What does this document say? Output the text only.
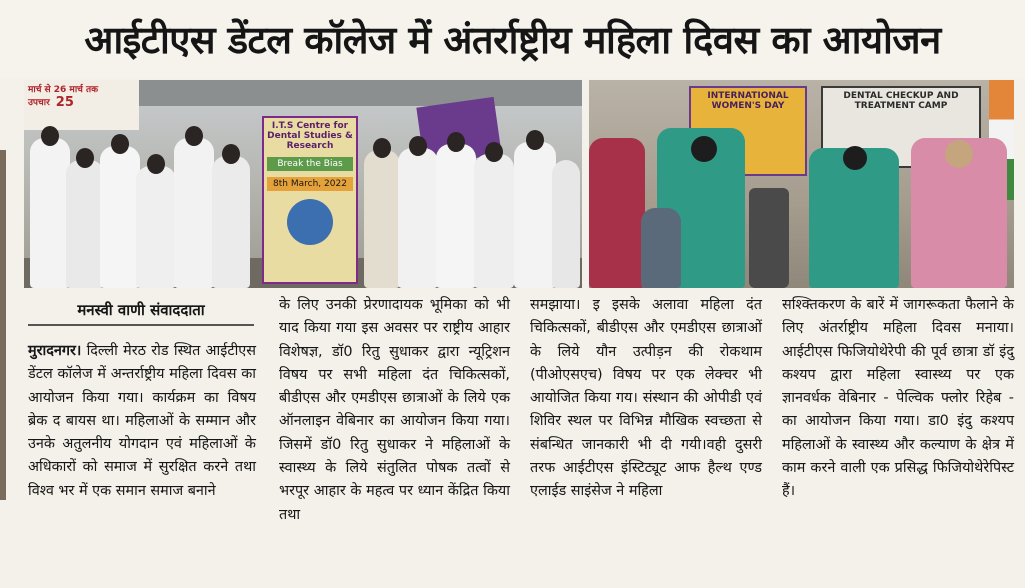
आईटीएस डेंटल कॉलेज में अंतर्राष्ट्रीय महिला दिवस का आयोजन
मार्च से 26 मार्च तक
उपचार 25
I.T.S Centre for Dental Studies & Research
Break the Bias
8th March, 2022
INTERNATIONAL WOMEN'S DAY
DENTAL CHECKUP AND TREATMENT CAMP
मनस्वी वाणी संवाददाता
मुरादनगर। दिल्ली मेरठ रोड स्थित आईटीएस डेंटल कॉलेज में अन्तर्राष्ट्रीय महिला दिवस का आयोजन किया गया। कार्यक्रम का विषय ब्रेक द बायस था। महिलाओं के सम्मान और उनके अतुलनीय योगदान एवं महिलाओं के अधिकारों को समाज में सुरक्षित करने तथा विश्व भर में एक समान समाज बनाने
के लिए उनकी प्रेरणादायक भूमिका को भी याद किया गया इस अवसर पर राष्ट्रीय आहार विशेषज्ञ, डॉ0 रितु सुधाकर द्वारा न्यूट्रिशन विषय पर सभी महिला दंत चिकित्सकों, बीडीएस और एमडीएस छात्राओं के लिये एक ऑनलाइन वेबिनार का आयोजन किया गया। जिसमें डॉ0 रितु सुधाकर ने महिलाओं के स्वास्थ्य के लिये संतुलित पोषक तत्वों से भरपूर आहार के महत्व पर ध्यान केंद्रित किया तथा
समझाया। इ इसके अलावा महिला दंत चिकित्सकों, बीडीएस और एमडीएस छात्राओं के लिये यौन उत्पीड़न की रोकथाम (पीओएसएच) विषय पर एक लेक्चर भी आयोजित किया गय। संस्थान की ओपीडी एवं शिविर स्थल पर विभिन्न मौखिक स्वच्छता से संबन्धित जानकारी भी दी गयी।वही दुसरी तरफ आईटीएस इंस्टिट्यूट आफ हैल्थ एण्ड एलाईड साइंसेज ने महिला
सश्क्तिकरण के बारें में जागरूकता फैलाने के लिए अंतर्राष्ट्रीय महिला दिवस मनाया। आईटीएस फिजियोथेरेपी की पूर्व छात्रा डॉ इंदु कश्यप द्वारा महिला स्वास्थ्य पर एक ज्ञानवर्धक वेबिनार - पेल्विक फ्लोर रिहेब - का आयोजन किया गया। डा0 इंदु कश्यप महिलाओं के स्वास्थ्य और कल्याण के क्षेत्र में काम करने वाली एक प्रसिद्ध फिजियोथेरेपिस्ट हैं।
